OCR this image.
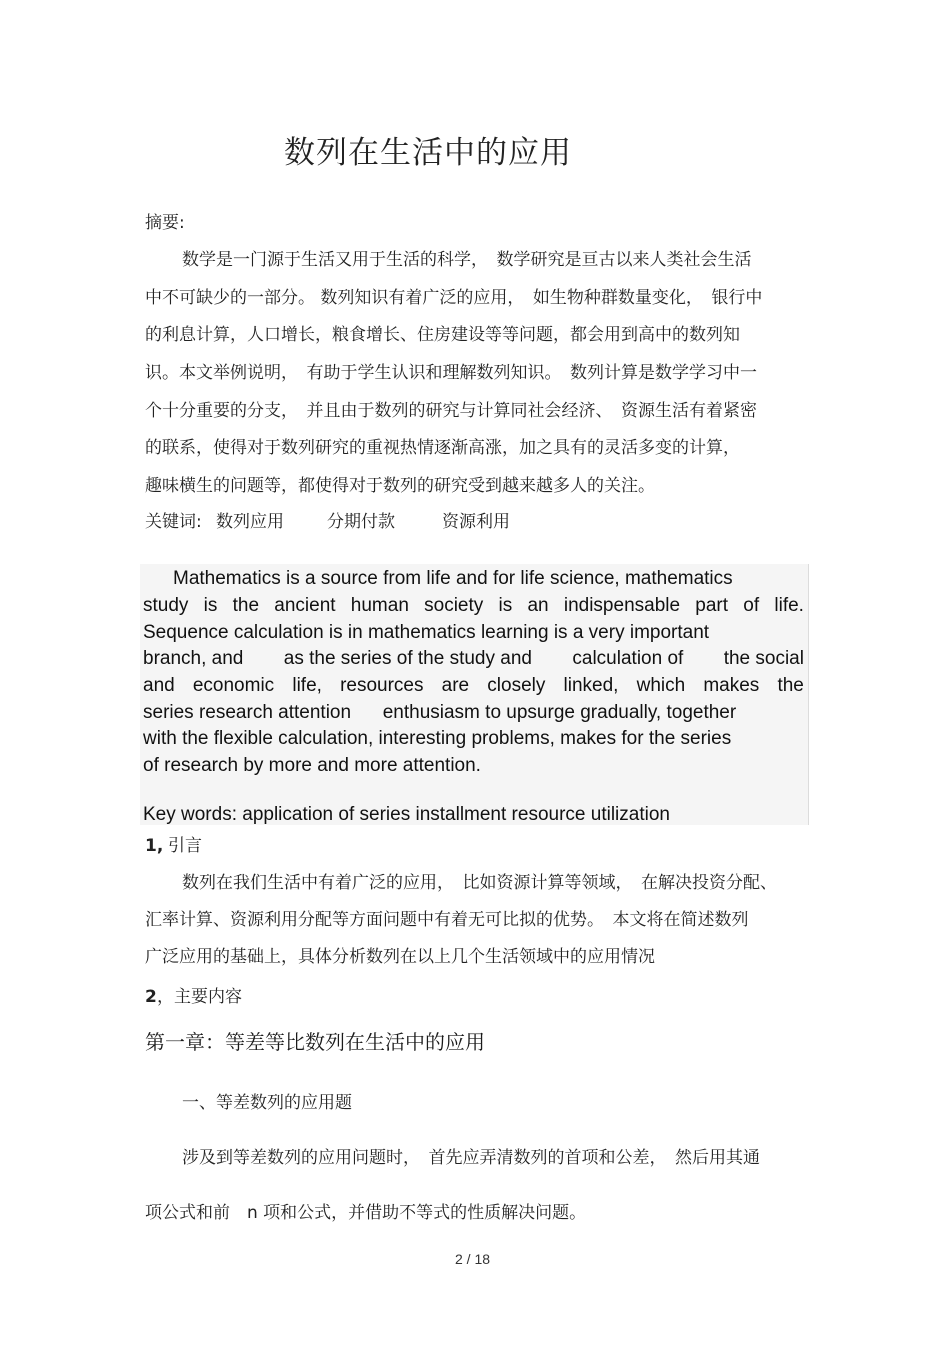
数列在生活中的应用
摘要:
数学是一门源于生活又用于生活的科学，　数学研究是亘古以来人类社会生活
中不可缺少的一部分。 数列知识有着广泛的应用，　如生物种群数量变化，　银行中
的利息计算，人口增长，粮食增长、住房建设等等问题，都会用到高中的数列知
识。本文举例说明，　有助于学生认识和理解数列知识。　数列计算是数学学习中一
个十分重要的分支，　并且由于数列的研究与计算同社会经济、　资源生活有着紧密
的联系，使得对于数列研究的重视热情逐渐高涨，加之具有的灵活多变的计算，
趣味横生的问题等，都使得对于数列的研究受到越来越多人的关注。
关键词: 数列应用	分期付款	资源利用
Mathematics is a source from life and for life science, mathematics
study is the ancient human society is an indispensable part of life.
Sequence calculation is in mathematics learning is a very important
branch, and as the series of the study and calculation of the social
and economic life, resources are closely linked, which makes the
series research attention      enthusiasm to upsurge gradually, together
with the flexible calculation, interesting problems, makes for the series
of research by more and more attention.
Key words: application of series installment resource utilization
1, 引言
数列在我们生活中有着广泛的应用，　比如资源计算等领域，　在解决投资分配、
汇率计算、资源利用分配等方面问题中有着无可比拟的优势。　本文将在简述数列
广泛应用的基础上，具体分析数列在以上几个生活领域中的应用情况
2 ，主要内容
第一章：等差等比数列在生活中的应用
一、等差数列的应用题
涉及到等差数列的应用问题时，　首先应弄清数列的首项和公差，　然后用其通
项公式和前　n 项和公式，并借助不等式的性质解决问题。
2 / 18
